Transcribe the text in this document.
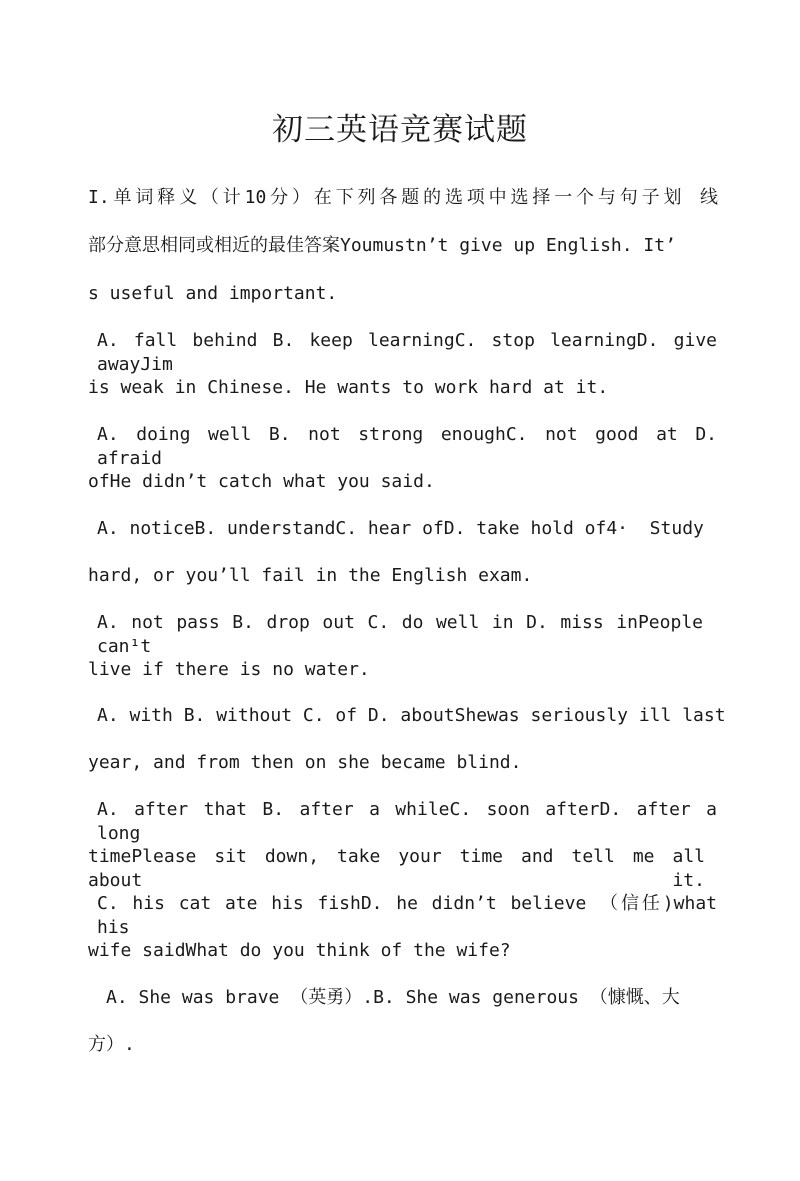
初三英语竞赛试题
I.单词释义（计10分）在下列各题的选项中选择一个与句子划 线
部分意思相同或相近的最佳答案Youmustn’t give up English. It’
s useful and important.
A. fall behind B. keep learningC. stop learningD. give awayJim
is weak in Chinese. He wants to work hard at it.
A. doing well B. not strong enoughC. not good at D. afraid
ofHe didn’t catch what you said.
A. noticeB. understandC. hear ofD. take hold of4·  Study
hard, or you’ll fail in the English exam.
A. not pass B. drop out C. do well in D. miss inPeople can¹t
live if there is no water.
A. with B. without C. of D. aboutShewas seriously ill last
year, and from then on she became blind.
A. after that B. after a whileC. soon afterD. after a long
timePlease sit down, take your time and tell me all about it.
C. his cat ate his fishD. he didn’t believe （信任)what his
wife saidWhat do you think of the wife?
A. She was brave （英勇）.B. She was generous （慷慨、大
方）.
